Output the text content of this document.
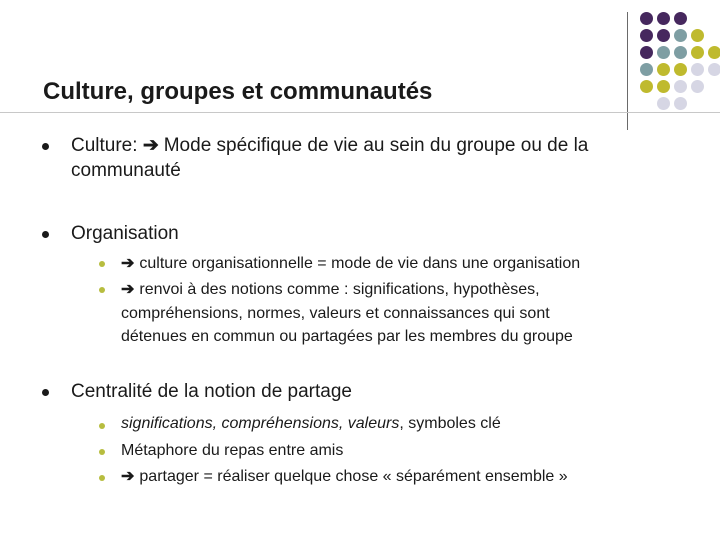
Culture, groupes et communautés
Culture: ➔ Mode spécifique de vie au sein du groupe ou de la
communauté
Organisation
➔ culture organisationnelle = mode de vie dans une organisation
➔ renvoi à des notions comme : significations, hypothèses,
compréhensions, normes, valeurs et connaissances qui sont
détenues en commun ou partagées par les membres du groupe
Centralité de la notion de partage
significations, compréhensions, valeurs, symboles clé
Métaphore du repas entre amis
➔ partager = réaliser quelque chose « séparément ensemble »
